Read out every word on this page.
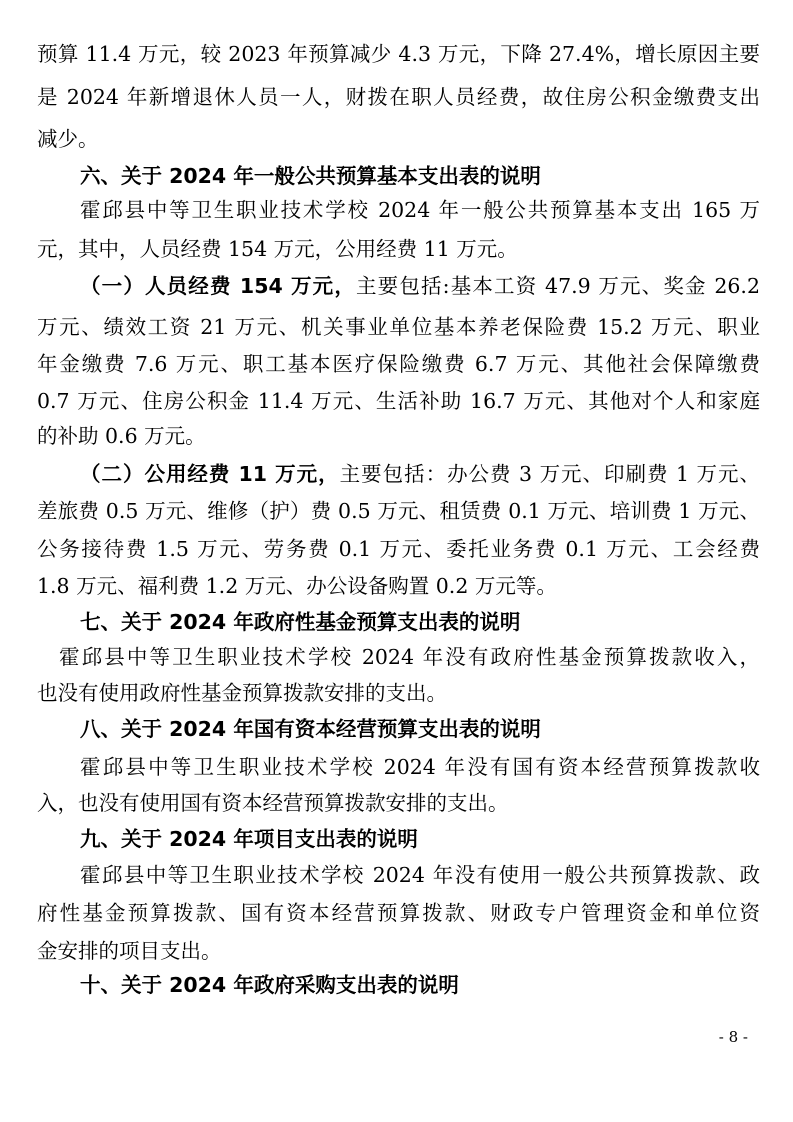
预算 11.4 万元，较 2023 年预算减少 4.3 万元，下降 27.4%，增长原因主要
是 2024 年新增退休人员一人，财拨在职人员经费，故住房公积金缴费支出
减少。
六、关于 2024 年一般公共预算基本支出表的说明
霍邱县中等卫生职业技术学校 2024 年一般公共预算基本支出 165 万
元，其中，人员经费 154 万元，公用经费 11 万元。
（一）人员经费 154 万元，主要包括:基本工资 47.9 万元、奖金 26.2
万元、绩效工资 21 万元、机关事业单位基本养老保险费 15.2 万元、职业
年金缴费 7.6 万元、职工基本医疗保险缴费 6.7 万元、其他社会保障缴费
0.7 万元、住房公积金 11.4 万元、生活补助 16.7 万元、其他对个人和家庭
的补助 0.6 万元。
（二）公用经费 11 万元，主要包括：办公费 3 万元、印刷费 1 万元、
差旅费 0.5 万元、维修（护）费 0.5 万元、租赁费 0.1 万元、培训费 1 万元、
公务接待费 1.5 万元、劳务费 0.1 万元、委托业务费 0.1 万元、工会经费
1.8 万元、福利费 1.2 万元、办公设备购置 0.2 万元等。
七、关于 2024 年政府性基金预算支出表的说明
霍邱县中等卫生职业技术学校 2024 年没有政府性基金预算拨款收入，
也没有使用政府性基金预算拨款安排的支出。
八、关于 2024 年国有资本经营预算支出表的说明
霍邱县中等卫生职业技术学校 2024 年没有国有资本经营预算拨款收
入，也没有使用国有资本经营预算拨款安排的支出。
九、关于 2024 年项目支出表的说明
霍邱县中等卫生职业技术学校 2024 年没有使用一般公共预算拨款、政
府性基金预算拨款、国有资本经营预算拨款、财政专户管理资金和单位资
金安排的项目支出。
十、关于 2024 年政府采购支出表的说明
- 8 -
